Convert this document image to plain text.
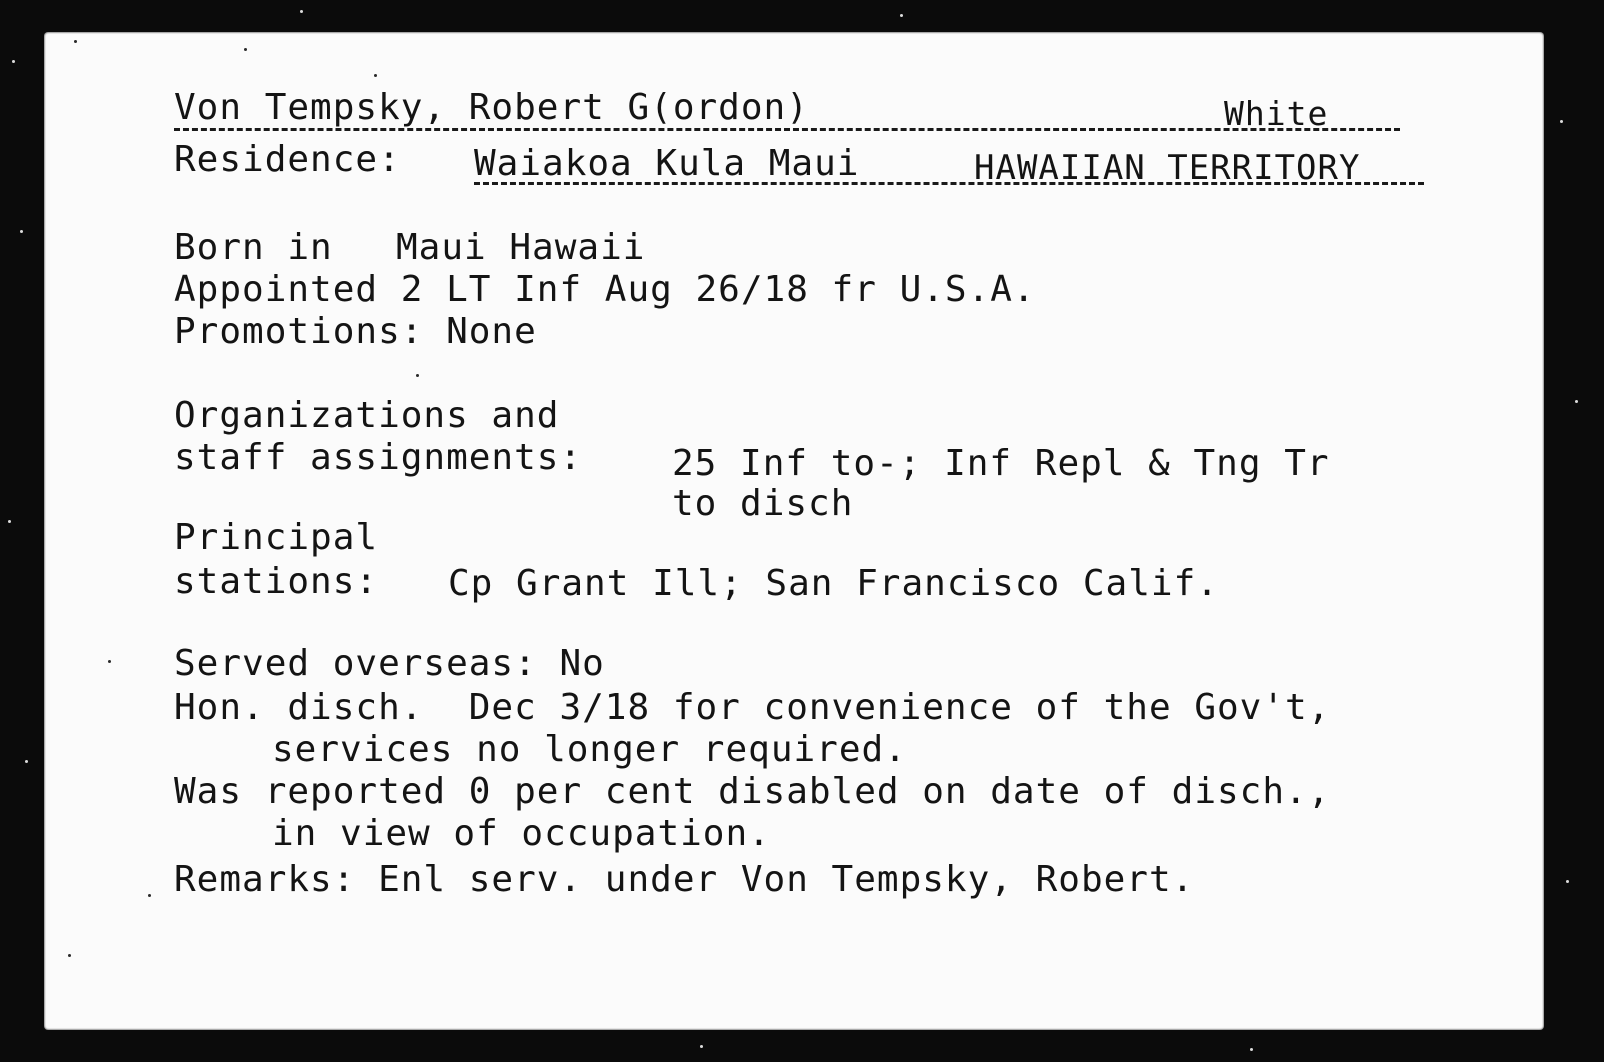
Von Tempsky, Robert G(ordon)	White
Residence: Waiakoa Kula Maui	HAWAIIAN TERRITORY
Born in Maui Hawaii
Appointed 2 LT Inf Aug 26/18 fr U.S.A.
Promotions: None
Organizations and
staff assignments: 25 Inf to-; Inf Repl & Tng Tr
to disch
Principal
stations: Cp Grant Ill; San Francisco Calif.
Served overseas: No
Hon. disch.  Dec 3/18 for convenience of the Gov't,
services no longer required.
Was reported 0 per cent disabled on date of disch.,
in view of occupation.
Remarks: Enl serv. under Von Tempsky, Robert.
